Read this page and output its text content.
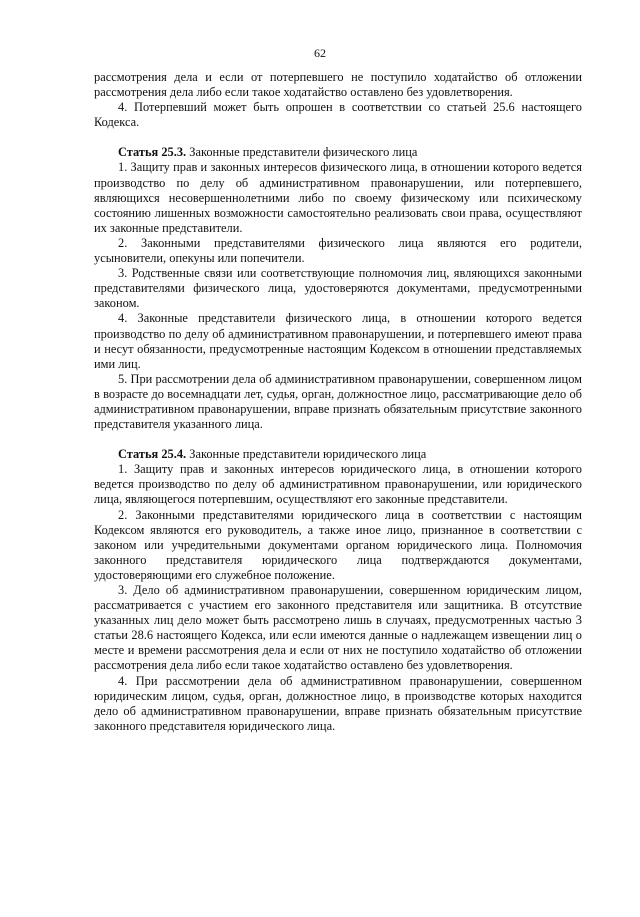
62

рассмотрения дела и если от потерпевшего не поступило ходатайство об отложении рассмотрения дела либо если такое ходатайство оставлено без удовлетворения.

4. Потерпевший может быть опрошен в соответствии со статьей 25.6 настоящего Кодекса.

Статья 25.3. Законные представители физического лица

1. Защиту прав и законных интересов физического лица, в отношении которого ведется производство по делу об административном правонарушении, или потерпевшего, являющихся несовершеннолетними либо по своему физическому или психическому состоянию лишенных возможности самостоятельно реализовать свои права, осуществляют их законные представители.

2. Законными представителями физического лица являются его родители, усыновители, опекуны или попечители.

3. Родственные связи или соответствующие полномочия лиц, являющихся законными представителями физического лица, удостоверяются документами, предусмотренными законом.

4. Законные представители физического лица, в отношении которого ведется производство по делу об административном правонарушении, и потерпевшего имеют права и несут обязанности, предусмотренные настоящим Кодексом в отношении представляемых ими лиц.

5. При рассмотрении дела об административном правонарушении, совершенном лицом в возрасте до восемнадцати лет, судья, орган, должностное лицо, рассматривающие дело об административном правонарушении, вправе признать обязательным присутствие законного представителя указанного лица.

Статья 25.4. Законные представители юридического лица

1. Защиту прав и законных интересов юридического лица, в отношении которого ведется производство по делу об административном правонарушении, или юридического лица, являющегося потерпевшим, осуществляют его законные представители.

2. Законными представителями юридического лица в соответствии с настоящим Кодексом являются его руководитель, а также иное лицо, признанное в соответствии с законом или учредительными документами органом юридического лица. Полномочия законного представителя юридического лица подтверждаются документами, удостоверяющими его служебное положение.

3. Дело об административном правонарушении, совершенном юридическим лицом, рассматривается с участием его законного представителя или защитника. В отсутствие указанных лиц дело может быть рассмотрено лишь в случаях, предусмотренных частью 3 статьи 28.6 настоящего Кодекса, или если имеются данные о надлежащем извещении лиц о месте и времени рассмотрения дела и если от них не поступило ходатайство об отложении рассмотрения дела либо если такое ходатайство оставлено без удовлетворения.

4. При рассмотрении дела об административном правонарушении, совершенном юридическим лицом, судья, орган, должностное лицо, в производстве которых находится дело об административном правонарушении, вправе признать обязательным присутствие законного представителя юридического лица.
